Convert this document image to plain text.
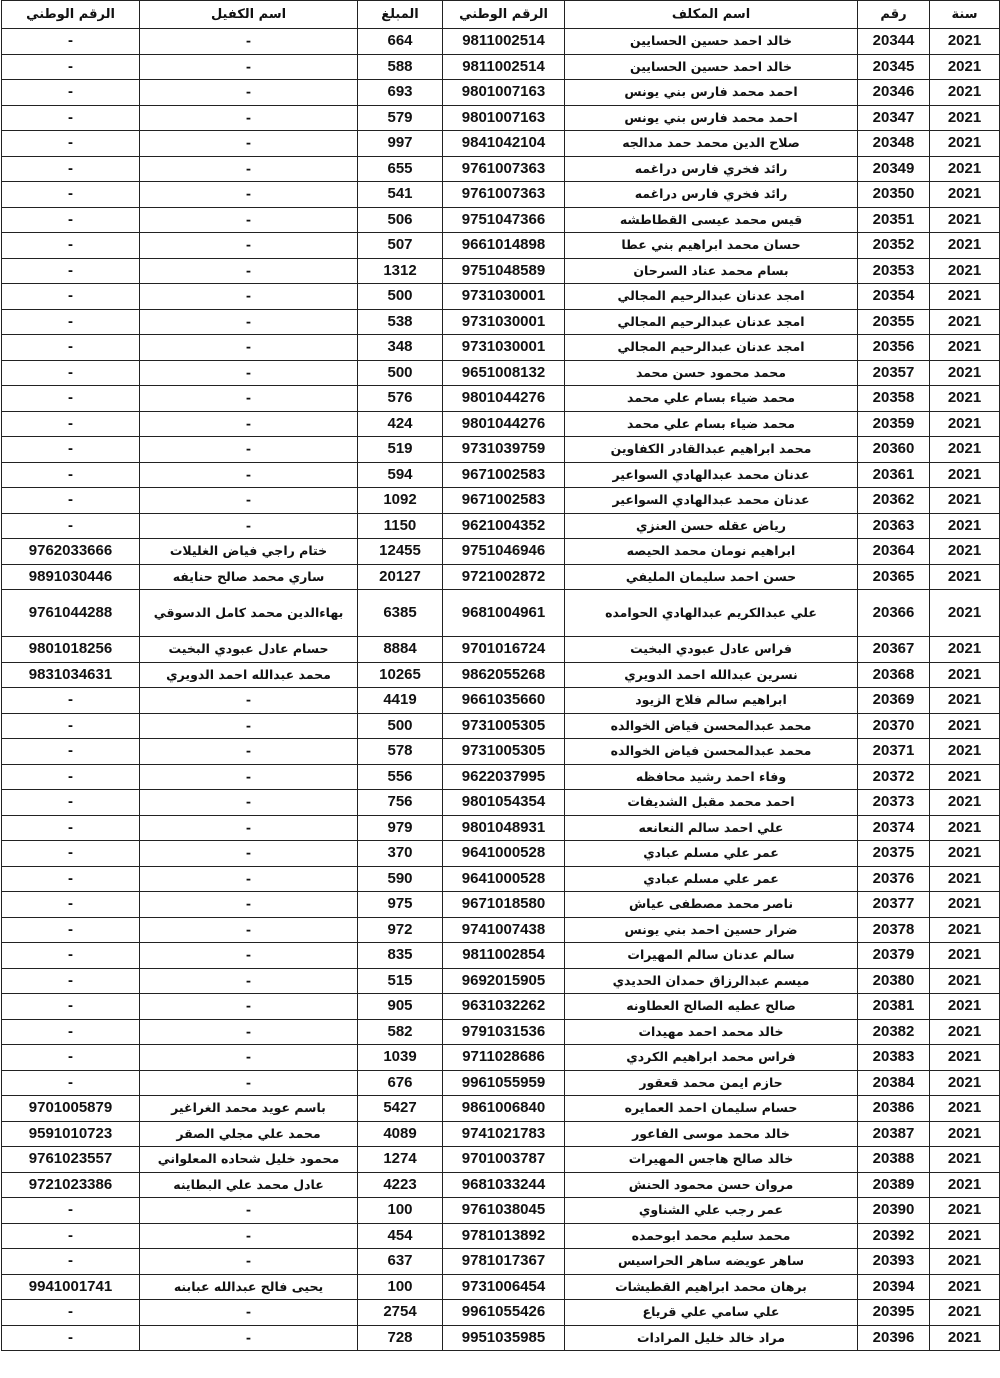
سنة	رقم	اسم المكلف	الرقم الوطني	المبلغ	اسم الكفيل	الرقم الوطني
2021	20344	خالد احمد حسين الحسايين	9811002514	664	-	-
2021	20345	خالد احمد حسين الحسايين	9811002514	588	-	-
2021	20346	احمد محمد فارس بني يونس	9801007163	693	-	-
2021	20347	احمد محمد فارس بني يونس	9801007163	579	-	-
2021	20348	صلاح الدين محمد حمد مدالجه	9841042104	997	-	-
2021	20349	رائد فخري فارس دراغمه	9761007363	655	-	-
2021	20350	رائد فخري فارس دراغمه	9761007363	541	-	-
2021	20351	قيس محمد عيسى القطاطشه	9751047366	506	-	-
2021	20352	حسان محمد ابراهيم بني عطا	9661014898	507	-	-
2021	20353	بسام محمد عناد السرحان	9751048589	1312	-	-
2021	20354	امجد عدنان عبدالرحيم المجالي	9731030001	500	-	-
2021	20355	امجد عدنان عبدالرحيم المجالي	9731030001	538	-	-
2021	20356	امجد عدنان عبدالرحيم المجالي	9731030001	348	-	-
2021	20357	محمد محمود حسن محمد	9651008132	500	-	-
2021	20358	محمد ضياء بسام علي محمد	9801044276	576	-	-
2021	20359	محمد ضياء بسام علي محمد	9801044276	424	-	-
2021	20360	محمد ابراهيم عبدالقادر الكفاوين	9731039759	519	-	-
2021	20361	عدنان محمد عبدالهادي السواعير	9671002583	594	-	-
2021	20362	عدنان محمد عبدالهادي السواعير	9671002583	1092	-	-
2021	20363	رياض عقله حسن العنزي	9621004352	1150	-	-
2021	20364	ابراهيم نومان محمد الحيصه	9751046946	12455	ختام راجي فياض الغليلات	9762033666
2021	20365	حسن احمد سليمان المليفي	9721002872	20127	ساري محمد صالح حنايفه	9891030446
2021	20366	علي عبدالكريم عبدالهادي الحوامده	9681004961	6385	بهاءالدين محمد كامل الدسوقي	9761044288
2021	20367	فراس عادل عبودي البخيت	9701016724	8884	حسام عادل عبودي البخيت	9801018256
2021	20368	نسرين عبدالله احمد الدويري	9862055268	10265	محمد عبدالله احمد الدويري	9831034631
2021	20369	ابراهيم سالم فلاح الزيود	9661035660	4419	-	-
2021	20370	محمد عبدالمحسن فياض الخوالده	9731005305	500	-	-
2021	20371	محمد عبدالمحسن فياض الخوالده	9731005305	578	-	-
2021	20372	وفاء احمد رشيد محافظه	9622037995	556	-	-
2021	20373	احمد محمد مقبل الشديفات	9801054354	756	-	-
2021	20374	علي احمد سالم النعانعه	9801048931	979	-	-
2021	20375	عمر علي مسلم عبادي	9641000528	370	-	-
2021	20376	عمر علي مسلم عبادي	9641000528	590	-	-
2021	20377	ناصر محمد مصطفى عياش	9671018580	975	-	-
2021	20378	ضرار حسين احمد بني يونس	9741007438	972	-	-
2021	20379	سالم عدنان سالم المهيرات	9811002854	835	-	-
2021	20380	ميسم عبدالرزاق حمدان الحديدي	9692015905	515	-	-
2021	20381	صالح عطيه الصالح العطاونه	9631032262	905	-	-
2021	20382	خالد محمد احمد مهيدات	9791031536	582	-	-
2021	20383	فراس محمد ابراهيم الكردي	9711028686	1039	-	-
2021	20384	حازم ايمن محمد قعقور	9961055959	676	-	-
2021	20386	حسام سليمان احمد العمايره	9861006840	5427	باسم عويد محمد الغراغير	9701005879
2021	20387	خالد محمد موسى الفاعور	9741021783	4089	محمد علي مجلي الصقر	9591010723
2021	20388	خالد صالح هاجس المهيرات	9701003787	1274	محمود خليل شحاده المعلواني	9761023557
2021	20389	مروان حسن محمود الحنش	9681033244	4223	عادل محمد علي البطاينه	9721023386
2021	20390	عمر رجب علي الشناوي	9761038045	100	-	-
2021	20392	محمد سليم محمد ابوحمده	9781013892	454	-	-
2021	20393	ساهر عويضه ساهر الحراسيس	9781017367	637	-	-
2021	20394	برهان محمد ابراهيم القطيشات	9731006454	100	يحيى فالح عبدالله عبابنه	9941001741
2021	20395	علي سامي علي قرياع	9961055426	2754	-	-
2021	20396	مراد خالد خليل المرادات	9951035985	728	-	-
